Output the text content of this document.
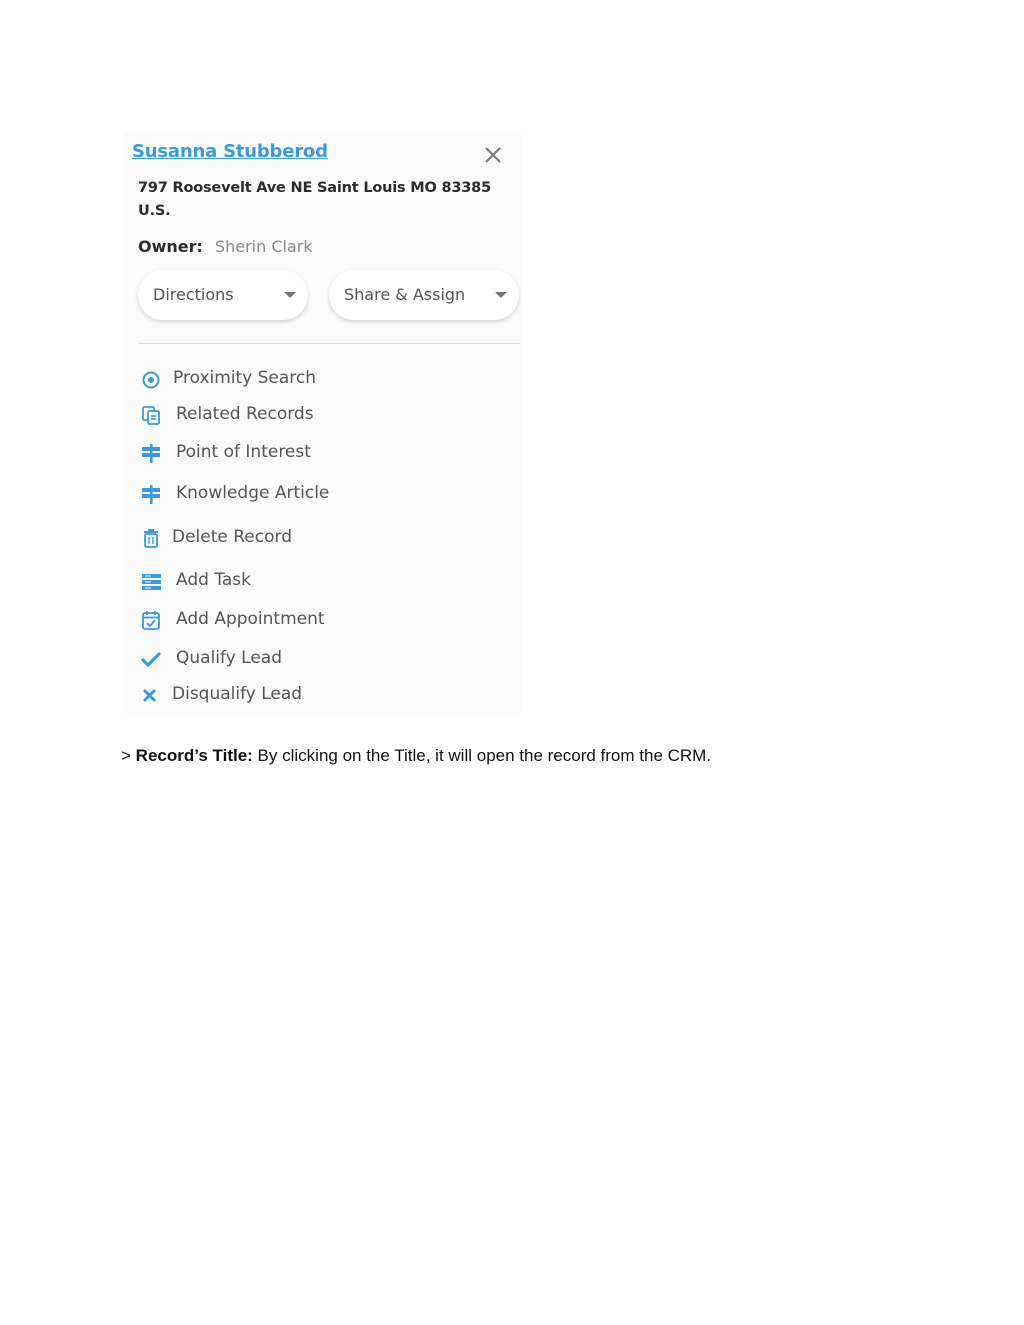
Susanna Stubberod
797 Roosevelt Ave NE Saint Louis MO 83385 U.S.
Owner: Sherin Clark
Directions	Share & Assign
Proximity Search
Related Records
Point of Interest
Knowledge Article
Delete Record
Add Task
Add Appointment
Qualify Lead
Disqualify Lead
> Record’s Title: By clicking on the Title, it will open the record from the CRM.
